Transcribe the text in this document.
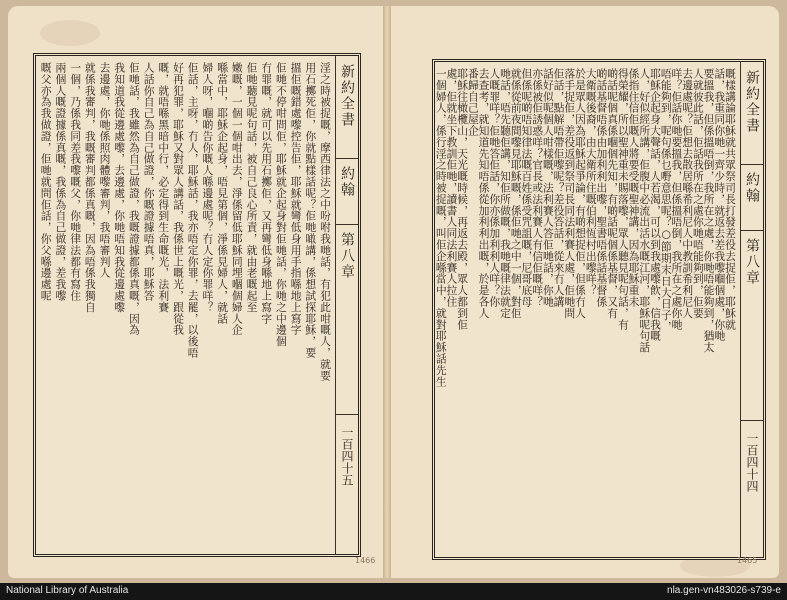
淫之時被捉嘅，摩西律法之中吩咐我哋話，有犯此咁嘅人，就要
用石擲死佢，你就點樣話呢？佢哋噉講，係想試探耶穌，要
搵佢嘅錯處嚟控告佢，耶穌就彎低身用手指喺地上寫字
佢哋不停咁問佢，耶穌就企起身對佢哋話，你哋之中邊個
冇罪嘅，就可以先用石擲佢，又再彎低身喺地上寫字
佢哋聽見呢句話，被自己良心所責，就由老嘅起至
嫩嘅，一個一個咁出去，淨係留低耶穌同埋嗰個婦人企
喺當中，耶穌企起身，唔見第個，淨係見婦人，就話
婦人呀，嗰啲告你嘅人喺邊處呢？冇人定你罪咩？
佢話，主呀，冇人，耶穌話，我亦唔定你罪，去罷，以後唔
好再犯罪，耶穌又對眾人講話，我係世上嘅光，跟從我
嘅，就唔喺黑暗中行，必定得到生命嘅光，法利賽
人話你自己為自己做證，你嘅證據唔真，耶穌答
佢哋話，我雖然為自己做證，我嘅證據都係真嘅，因為
我知道我從邊處嚟，去邊處，你哋唔知我從邊處嚟
去邊處，你哋係照肉體嚟審判，我唔審判人
就係我審判，我嘅審判都係真嘅，因為唔係我獨自
一個，乃係我同差我嚟嘅父，你哋律法都有寫住
兩個人嘅證據係真嘅，我係為自己做證，差我嚟
嘅父亦為我做證，佢哋就問佢話，你父喺邊處呢	新約全書
約翰
第八章
一百四十五
嘅樣講論耶穌就共眾祭司長打發差役去捉佢，耶穌就
話，我重同你哋一齊少時，就返去差我嚟嗰個處，你哋
要搵我，但係搵唔倒，我所在之處，你哋唔能夠到，猶太
人就彼此話，佢話我所在之處你哋唔能夠到，佢要
去邊處呢？佢想去散居喺希利尼人中教訓希利尼人
咩？佢話你哋要搵我，但係搵唔倒，我所在之處你哋
唔能夠到，呢句係乜嘢意思呢？○節期末日大日子，
耶穌企起身大聲話，人若渴，可以到我處嚟飲，信我嘅
人，好似經所講，佢腹中必流出活水嘅江河，耶穌呢句話
係指住信佢嘅人將要受嘅聖神講，因為耶穌重未
得榮耀，所以聖神重未賜落嚟，眾人聽見呢句話，有
啲話呢個真係嗰個先知，有啲話呢個係基督，又有
啲話基督唔係由加利利出嚟，聖書唔係話基督係
大衛嘅後裔，由大衛所住嘅伯利恆村出嚟咩？
於是眾人因為耶穌起爭論，有啲想捉佢，但係冇人
落手捉佢，差役返到祭司長同法利賽人處，佢哋問
佢話，點解唔帶佢嚟呢？差役答話，從來冇人講
話好似呢個人咁樣嘅，法利賽人答佢哋話，你哋
亦係被佢誘惑咩？官長或法利賽人有信佢嘅咩？
但係呢啲唔知律法嘅百姓係受咒詛嘅，尼哥底母
就係從前夜間嚟見耶穌嘅，係佢哋之中一個，對佢
哋話，唔先聽佢講，知佢所做嘅，我哋嘅律法就定
人嘅罪咩？佢哋答佢話，你亦係加利利人咩？你
去查考，就知道先知唔係從加利利出嘅，於是各人
番歸自己屋企
耶穌往橄欖山，天光嘅時候，再返去殿，眾人都到佢
處，佢就坐下教訓佢哋，讀書人同法利賽人拉住
一個婦人，係行淫之時被捉嘅，叫佢企喺當中，就對耶穌話先生	新約全書
約翰
第八章
一百四十四
1466	1465
National Library of Australia	nla.gen-vn483026-s739-e
